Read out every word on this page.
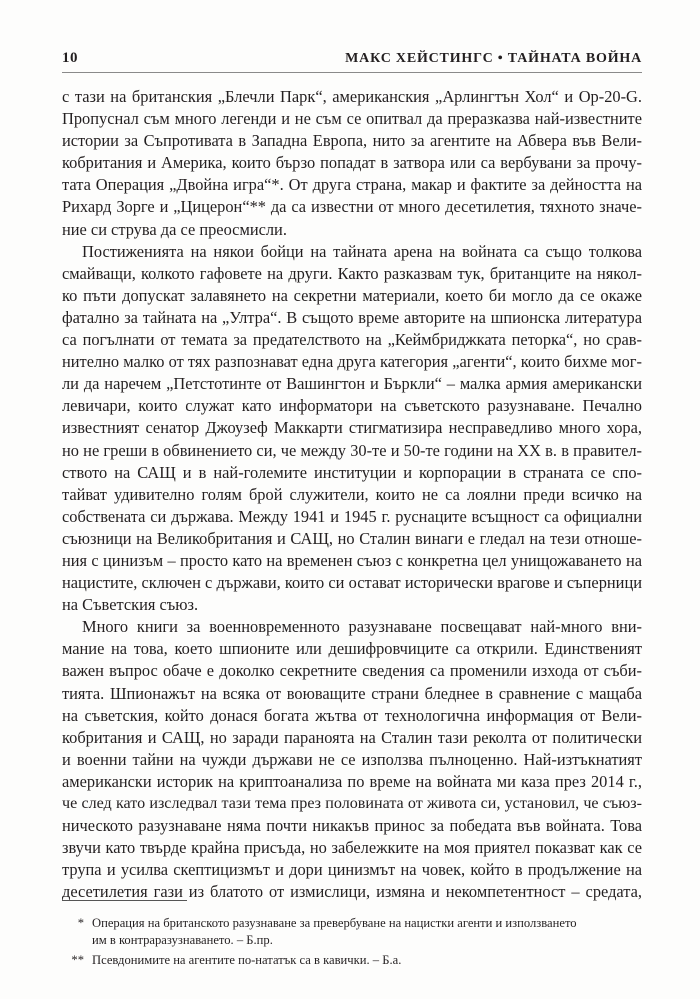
10	МАКС ХЕЙСТИНГС • ТАЙНАТА ВОЙНА
с тази на британския „Блечли Парк“, американския „Арлингтън Хол“ и Op-20-G.
Пропуснал съм много легенди и не съм се опитвал да преразказва най-известните
истории за Съпротивата в Западна Европа, нито за агентите на Абвера във Вели-
кобритания и Америка, които бързо попадат в затвора или са вербувани за прочу-
тата Операция „Двойна игра“*. От друга страна, макар и фактите за дейността на
Рихард Зорге и „Цицерон“** да са известни от много десетилетия, тяхното значе-
ние си струва да се преосмисли.
Постиженията на някои бойци на тайната арена на войната са също толкова
смайващи, колкото гафовете на други. Както разказвам тук, британците на някол-
ко пъти допускат залавянето на секретни материали, което би могло да се окаже
фатално за тайната на „Ултра“. В същото време авторите на шпионска литература
са погълнати от темата за предателството на „Кеймбриджката петорка“, но срав-
нително малко от тях разпознават една друга категория „агенти“, които бихме мог-
ли да наречем „Петстотинте от Вашингтон и Бъркли“ – малка армия американски
левичари, които служат като информатори на съветското разузнаване. Печално
известният сенатор Джоузеф Маккарти стигматизира несправедливо много хора,
но не греши в обвинението си, че между 30-те и 50-те години на XX в. в правител-
ството на САЩ и в най-големите институции и корпорации в страната се спо-
тайват удивително голям брой служители, които не са лоялни преди всичко на
собствената си държава. Между 1941 и 1945 г. руснаците всъщност са официални
съюзници на Великобритания и САЩ, но Сталин винаги е гледал на тези отноше-
ния с цинизъм – просто като на временен съюз с конкретна цел унищожаването на
нацистите, сключен с държави, които си остават исторически врагове и съперници
на Съветския съюз.
Много книги за военновременното разузнаване посвещават най-много вни-
мание на това, което шпионите или дешифровчиците са открили. Единственият
важен въпрос обаче е доколко секретните сведения са променили изхода от съби-
тията. Шпионажът на всяка от воюващите страни бледнее в сравнение с мащаба
на съветския, който донася богата жътва от технологична информация от Вели-
кобритания и САЩ, но заради параноята на Сталин тази реколта от политически
и военни тайни на чужди държави не се използва пълноценно. Най-изтъкнатият
американски историк на криптоанализа по време на войната ми каза през 2014 г.,
че след като изследвал тази тема през половината от живота си, установил, че съюз-
ническото разузнаване няма почти никакъв принос за победата във войната. Това
звучи като твърде крайна присъда, но забележките на моя приятел показват как се
трупа и усилва скептицизмът и дори цинизмът на човек, който в продължение на
десетилетия гази из блатото от измислици, измяна и некомпетентност – средата,
* Операция на британското разузнаване за превербуване на нацистки агенти и използването
им в контраразузнаването. – Б.пр.
** Псевдонимите на агентите по-нататък са в кавички. – Б.а.
